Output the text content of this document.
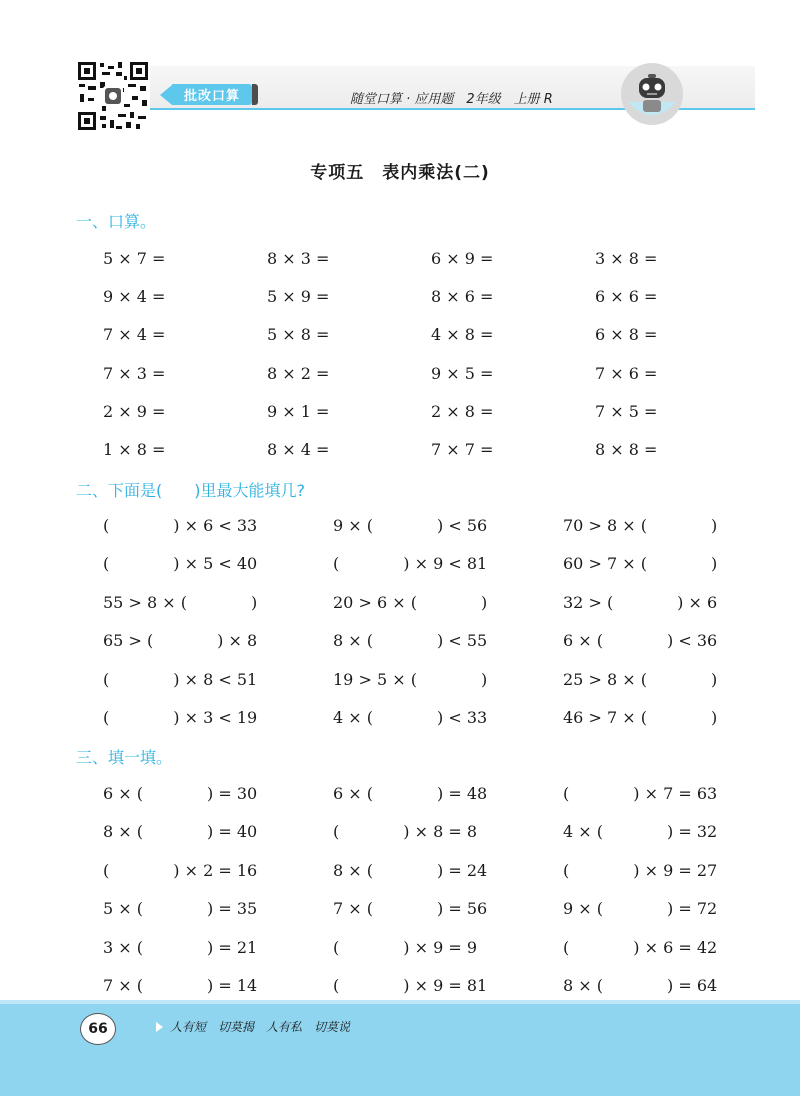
批改口算	随堂口算 · 应用题　2年级　上册 R
专项五　表内乘法(二)
一、口算。
5 × 7 =	8 × 3 =	6 × 9 =	3 × 8 =
9 × 4 =	5 × 9 =	8 × 6 =	6 × 6 =
7 × 4 =	5 × 8 =	4 × 8 =	6 × 8 =
7 × 3 =	8 × 2 =	9 × 5 =	7 × 6 =
2 × 9 =	9 × 1 =	2 × 8 =	7 × 5 =
1 × 8 =	8 × 4 =	7 × 7 =	8 × 8 =
二、下面是(　　)里最大能填几?
(　　　　) × 6 < 33	9 × (　　　　) < 56	70 > 8 × (　　　　)
(　　　　) × 5 < 40	(　　　　) × 9 < 81	60 > 7 × (　　　　)
55 > 8 × (　　　　)	20 > 6 × (　　　　)	32 > (　　　　) × 6
65 > (　　　　) × 8	8 × (　　　　) < 55	6 × (　　　　) < 36
(　　　　) × 8 < 51	19 > 5 × (　　　　)	25 > 8 × (　　　　)
(　　　　) × 3 < 19	4 × (　　　　) < 33	46 > 7 × (　　　　)
三、填一填。
6 × (　　　　) = 30	6 × (　　　　) = 48	(　　　　) × 7 = 63
8 × (　　　　) = 40	(　　　　) × 8 = 8	4 × (　　　　) = 32
(　　　　) × 2 = 16	8 × (　　　　) = 24	(　　　　) × 9 = 27
5 × (　　　　) = 35	7 × (　　　　) = 56	9 × (　　　　) = 72
3 × (　　　　) = 21	(　　　　) × 9 = 9	(　　　　) × 6 = 42
7 × (　　　　) = 14	(　　　　) × 9 = 81	8 × (　　　　) = 64
66	人有短　切莫揭　人有私　切莫说
